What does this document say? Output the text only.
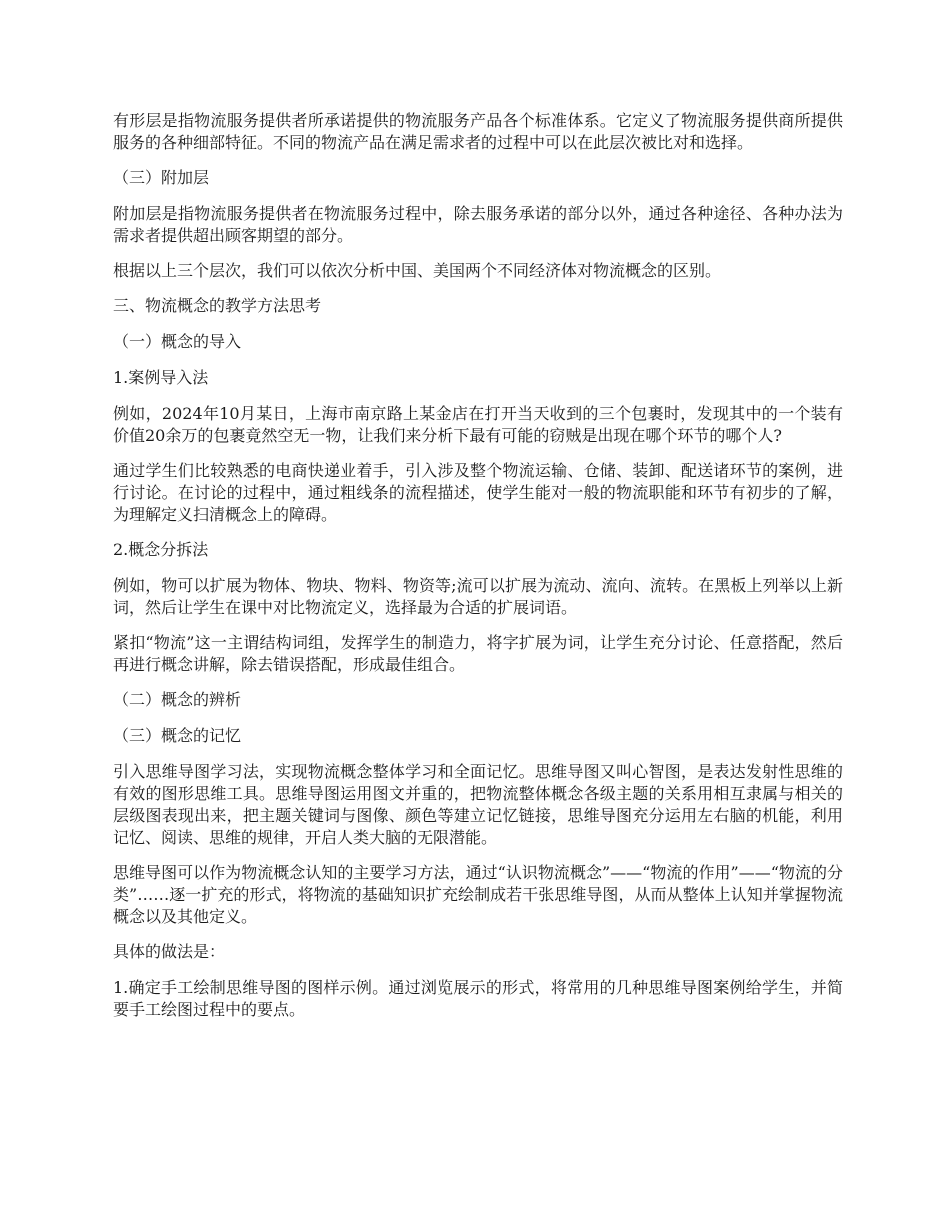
有形层是指物流服务提供者所承诺提供的物流服务产品各个标准体系。它定义了物流服务提供商所提供服务的各种细部特征。不同的物流产品在满足需求者的过程中可以在此层次被比对和选择。

（三）附加层

附加层是指物流服务提供者在物流服务过程中，除去服务承诺的部分以外，通过各种途径、各种办法为需求者提供超出顾客期望的部分。

根据以上三个层次，我们可以依次分析中国、美国两个不同经济体对物流概念的区别。

三、物流概念的教学方法思考

（一）概念的导入

1.案例导入法

例如，2024年10月某日，上海市南京路上某金店在打开当天收到的三个包裹时，发现其中的一个装有价值20余万的包裹竟然空无一物，让我们来分析下最有可能的窃贼是出现在哪个环节的哪个人?

通过学生们比较熟悉的电商快递业着手，引入涉及整个物流运输、仓储、装卸、配送诸环节的案例，进行讨论。在讨论的过程中，通过粗线条的流程描述，使学生能对一般的物流职能和环节有初步的了解，为理解定义扫清概念上的障碍。

2.概念分拆法

例如，物可以扩展为物体、物块、物料、物资等;流可以扩展为流动、流向、流转。在黑板上列举以上新词，然后让学生在课中对比物流定义，选择最为合适的扩展词语。

紧扣“物流”这一主谓结构词组，发挥学生的制造力，将字扩展为词，让学生充分讨论、任意搭配，然后再进行概念讲解，除去错误搭配，形成最佳组合。

（二）概念的辨析

（三）概念的记忆

引入思维导图学习法，实现物流概念整体学习和全面记忆。思维导图又叫心智图，是表达发射性思维的有效的图形思维工具。思维导图运用图文并重的，把物流整体概念各级主题的关系用相互隶属与相关的层级图表现出来，把主题关键词与图像、颜色等建立记忆链接，思维导图充分运用左右脑的机能，利用记忆、阅读、思维的规律，开启人类大脑的无限潜能。

思维导图可以作为物流概念认知的主要学习方法，通过“认识物流概念”——“物流的作用”——“物流的分类”……逐一扩充的形式，将物流的基础知识扩充绘制成若干张思维导图，从而从整体上认知并掌握物流概念以及其他定义。

具体的做法是：

1.确定手工绘制思维导图的图样示例。通过浏览展示的形式，将常用的几种思维导图案例给学生，并简要手工绘图过程中的要点。
